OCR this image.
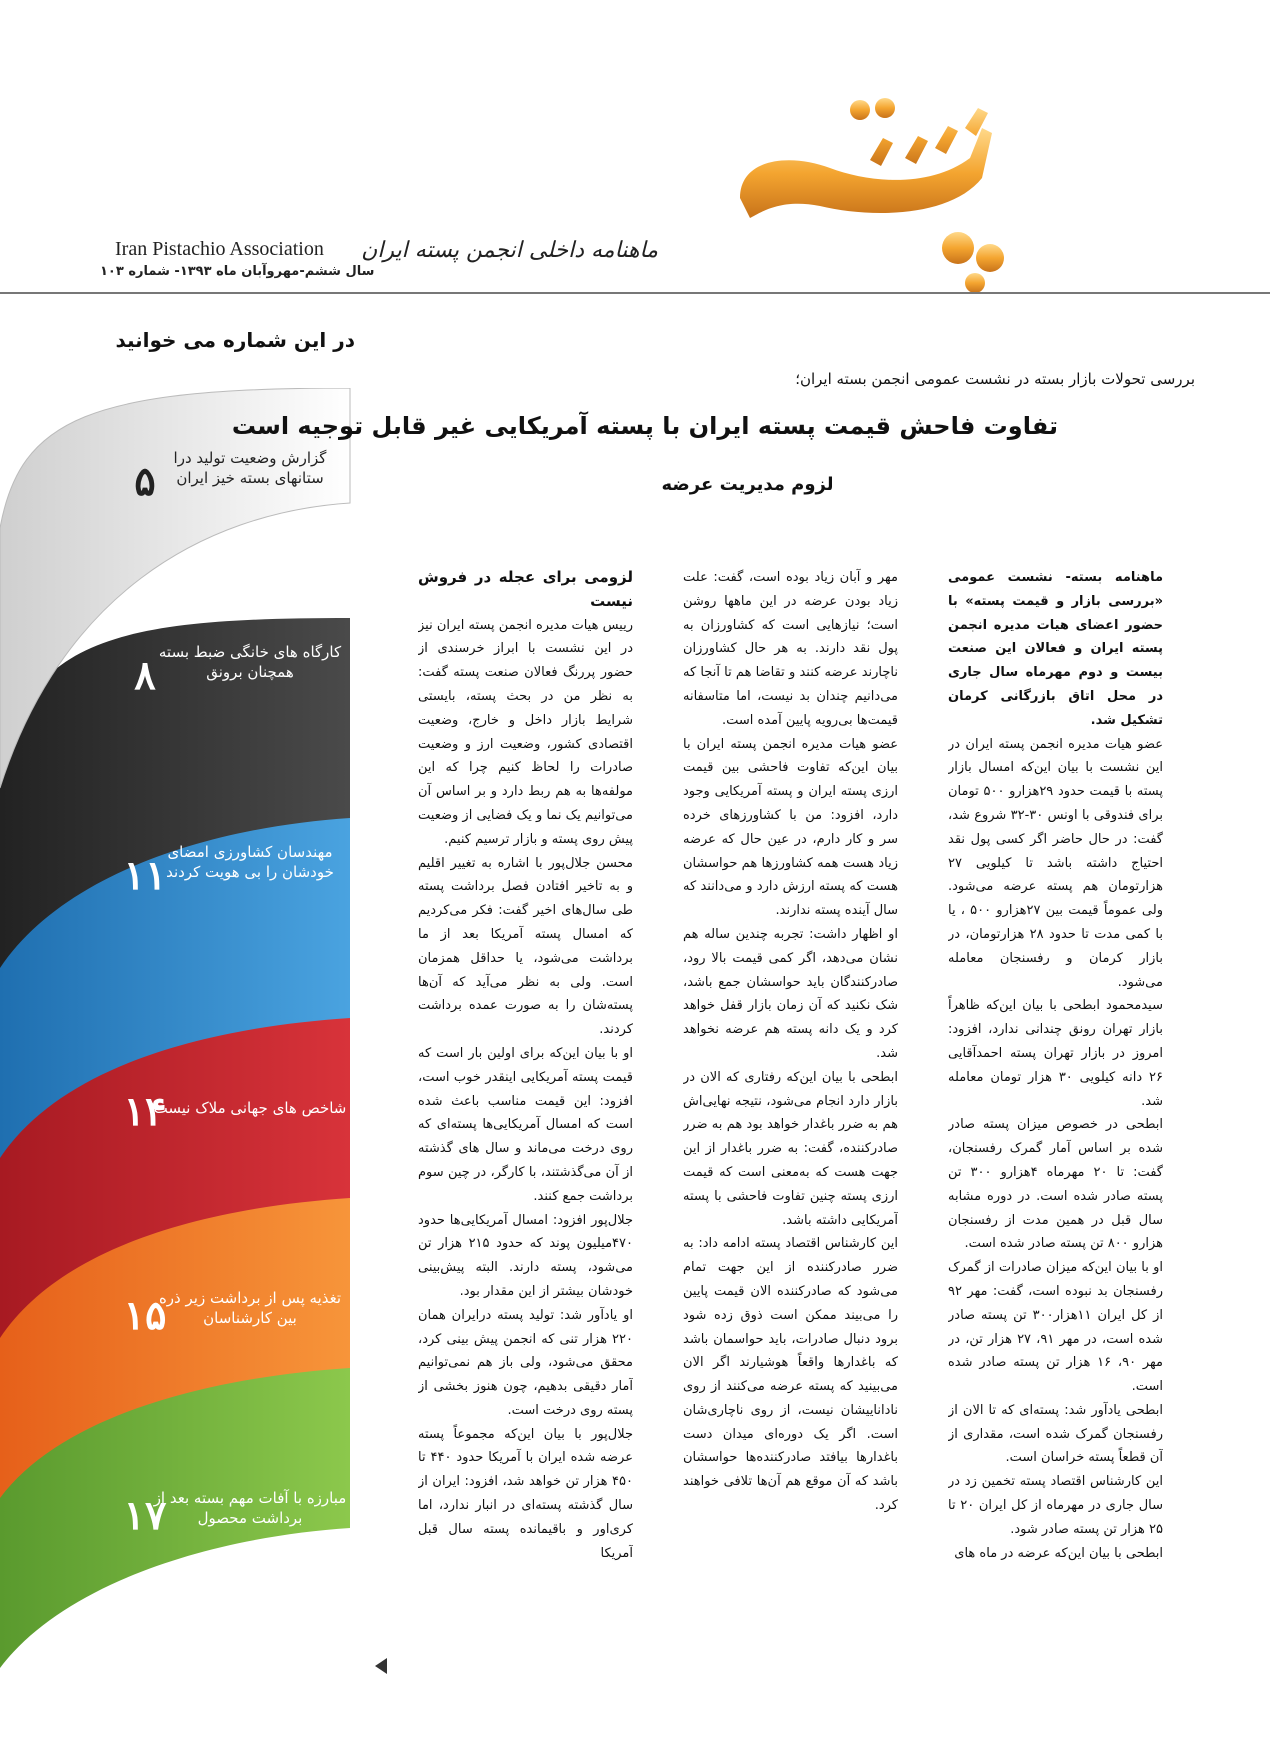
ماهنامه داخلی انجمن پسته ایران
Iran Pistachio Association
سال ششم-مهروآبان ماه ۱۳۹۳- شماره ۱۰۳
در این شماره می خوانید
گزارش وضعیت تولید درا ستانهای بسته خیز ایران
۵
کارگاه های خانگی ضبط بسته همچنان برونق
۸
مهندسان کشاورزی امضای خودشان را بی هویت کردند
۱۱
شاخص های جهانی ملاک نیست
۱۴
تغذیه پس از برداشت زیر ذره بین کارشناسان
۱۵
مبارزه با آفات مهم بسته بعد از برداشت محصول
۱۷
بررسی تحولات بازار بسته در نشست عمومی انجمن بسته ایران؛
تفاوت فاحش قیمت پسته ایران با پسته آمریکایی غیر قابل توجیه است
لزوم مدیریت عرضه

ماهنامه بسته- نشست عمومی «بررسی بازار و قیمت پسته» با حضور اعضای هیات مدیره انجمن پسته ایران و فعالان این صنعت بیست و دوم مهرماه سال جاری در محل اتاق بازرگانی کرمان تشکیل شد.

عضو هیات مدیره انجمن پسته ایران در این نشست با بیان این‌که امسال بازار پسته با قیمت حدود ۲۹هزارو ۵۰۰ تومان برای فندوقی با اونس ۳۰-۳۲ شروع شد، گفت: در حال حاضر اگر کسی پول نقد احتیاج داشته باشد تا کیلویی ۲۷ هزارتومان هم پسته عرضه می‌شود. ولی عموماً قیمت بین ۲۷هزارو ۵۰۰ ، یا با کمی مدت تا حدود ۲۸ هزارتومان، در بازار کرمان و رفسنجان معامله می‌شود.

سیدمحمود ابطحی با بیان این‌که ظاهراً بازار تهران رونق چندانی ندارد، افزود: امروز در بازار تهران پسته احمدآقایی ۲۶ دانه کیلویی ۳۰ هزار تومان معامله شد.

ابطحی در خصوص میزان پسته صادر شده بر اساس آمار گمرک رفسنجان، گفت: تا ۲۰ مهرماه ۴هزارو ۳۰۰ تن پسته صادر شده است. در دوره مشابه سال قبل در همین مدت از رفسنجان هزارو ۸۰۰ تن پسته صادر شده است.

او با بیان این‌که میزان صادرات از گمرک رفسنجان بد نبوده است، گفت: مهر ۹۲ از کل ایران ۱۱هزار۳۰۰ تن پسته صادر شده است، در مهر ۹۱، ۲۷ هزار تن، در مهر ۹۰، ۱۶ هزار تن پسته صادر شده است.

ابطحی یادآور شد: پسته‌ای که تا الان از رفسنجان گمرک شده است، مقداری از آن قطعاً پسته خراسان است.

این کارشناس اقتصاد پسته تخمین زد در سال جاری در مهرماه از کل ایران ۲۰ تا ۲۵ هزار تن پسته صادر شود.

ابطحی با بیان این‌که عرضه در ماه های

مهر و آبان زیاد بوده است، گفت: علت زیاد بودن عرضه در این ماهها روشن است؛ نیازهایی است که کشاورزان به پول نقد دارند. به هر حال کشاورزان ناچارند عرضه کنند و تقاضا هم تا آنجا که می‌دانیم چندان بد نیست، اما متاسفانه قیمت‌ها بی‌رویه پایین آمده است.

عضو هیات مدیره انجمن پسته ایران با بیان این‌که تفاوت فاحشی بین قیمت ارزی پسته ایران و پسته آمریکایی وجود دارد، افزود: من با کشاورزهای خرده سر و کار دارم، در عین حال که عرضه زیاد هست همه کشاورزها هم حواسشان هست که پسته ارزش دارد و می‌دانند که سال آینده پسته ندارند.

او اظهار داشت: تجربه چندین ساله هم نشان می‌دهد، اگر کمی قیمت بالا رود، صادرکنندگان باید حواسشان جمع باشد، شک نکنید که آن زمان بازار قفل خواهد کرد و یک دانه پسته هم عرضه نخواهد شد.

ابطحی با بیان این‌که رفتاری که الان در بازار دارد انجام می‌شود، نتیجه نهایی‌اش هم به ضرر باغدار خواهد بود هم به ضرر صادرکننده، گفت: به ضرر باغدار از این جهت هست که به‌معنی است که قیمت ارزی پسته چنین تفاوت فاحشی با پسته آمریکایی داشته باشد.

این کارشناس اقتصاد پسته ادامه داد: به ضرر صادرکننده از این جهت تمام می‌شود که صادرکننده الان قیمت پایین را می‌بیند ممکن است ذوق زده شود برود دنبال صادرات، باید حواسمان باشد که باغدارها واقعاً هوشیارند اگر الان می‌بینید که پسته عرضه می‌کنند از روی ناداناییشان نیست، از روی ناچاری‌شان است. اگر یک دوره‌ای میدان دست باغدارها بیافتد صادرکننده‌ها حواسشان باشد که آن موقع هم آن‌ها تلافی خواهند کرد.

لزومی برای عجله در فروش نیست

رییس هیات مدیره انجمن پسته ایران نیز در این نشست با ابراز خرسندی از حضور پررنگ فعالان صنعت پسته گفت: به نظر من در بحث پسته، بایستی شرایط بازار داخل و خارج، وضعیت اقتصادی کشور، وضعیت ارز و وضعیت صادرات را لحاظ کنیم چرا که این مولفه‌ها به هم ربط دارد و بر اساس آن می‌توانیم یک نما و یک فضایی از وضعیت پیش روی پسته و بازار ترسیم کنیم.

محسن جلال‌پور با اشاره به تغییر اقلیم و به تاخیر افتادن فصل برداشت پسته طی سال‌های اخیر گفت: فکر می‌کردیم که امسال پسته آمریکا بعد از ما برداشت می‌شود، یا حداقل همزمان است. ولی به نظر می‌آید که آن‌ها پسته‌شان را به صورت عمده برداشت کردند.

او با بیان این‌که برای اولین بار است که قیمت پسته آمریکایی اینقدر خوب است، افزود: این قیمت مناسب باعث شده است که امسال آمریکایی‌ها پسته‌ای که روی درخت می‌ماند و سال های گذشته از آن می‌گذشتند، با کارگر، در چین سوم برداشت جمع کنند.

جلال‌پور افزود: امسال آمریکایی‌ها حدود ۴۷۰میلیون پوند که حدود ۲۱۵ هزار تن می‌شود، پسته دارند. البته پیش‌بینی خودشان بیشتر از این مقدار بود.

او یادآور شد: تولید پسته درایران همان ۲۲۰ هزار تنی که انجمن پیش بینی کرد، محقق می‌شود، ولی باز هم نمی‌توانیم آمار دقیقی بدهیم، چون هنوز بخشی از پسته روی درخت است.

جلال‌پور با بیان این‌که مجموعاً پسته عرضه شده ایران با آمریکا حدود ۴۴۰ تا ۴۵۰ هزار تن خواهد شد، افزود: ایران از سال گذشته پسته‌ای در انبار ندارد، اما کری‌اور و باقیمانده پسته سال قبل آمریکا
